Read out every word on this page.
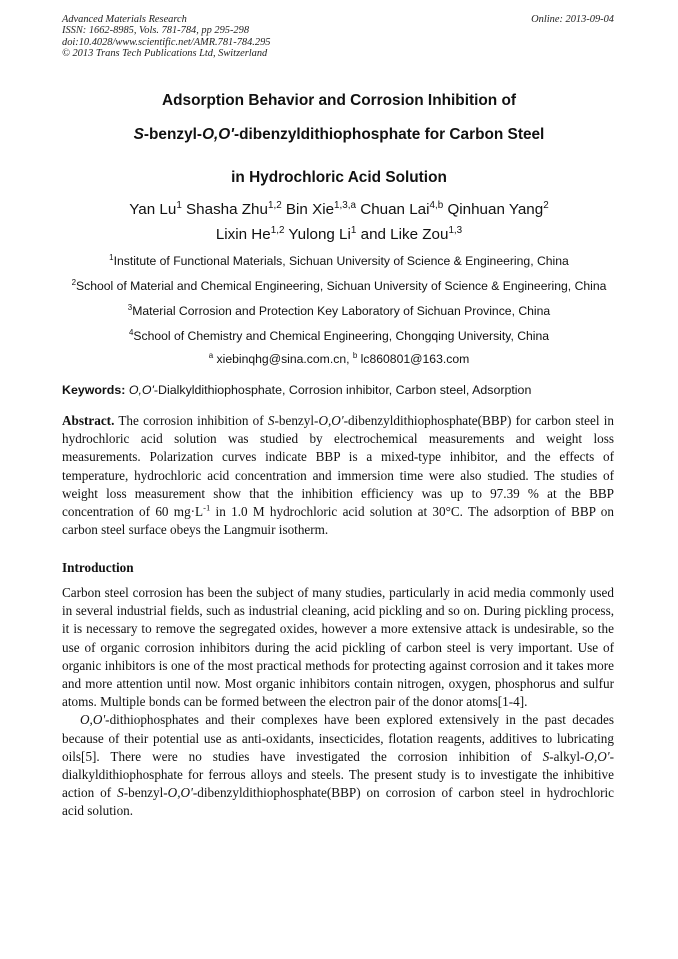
Advanced Materials Research
ISSN: 1662-8985, Vols. 781-784, pp 295-298
doi:10.4028/www.scientific.net/AMR.781-784.295
© 2013 Trans Tech Publications Ltd, Switzerland
Online: 2013-09-04
Adsorption Behavior and Corrosion Inhibition of
S-benzyl-O,O'-dibenzyldithiophosphate for Carbon Steel
in Hydrochloric Acid Solution
Yan Lu$^1$ Shasha Zhu$^{1,2}$ Bin Xie$^{1,3,a}$ Chuan Lai$^{4,b}$ Qinhuan Yang$^2$
Lixin He$^{1,2}$ Yulong Li$^1$ and Like Zou$^{1,3}$
$^1$Institute of Functional Materials, Sichuan University of Science & Engineering, China
$^2$School of Material and Chemical Engineering, Sichuan University of Science & Engineering, China
$^3$Material Corrosion and Protection Key Laboratory of Sichuan Province, China
$^4$School of Chemistry and Chemical Engineering, Chongqing University, China
$^a$ xiebinqhg@sina.com.cn, $^b$ lc860801@163.com
Keywords: O,O'-Dialkyldithiophosphate, Corrosion inhibitor, Carbon steel, Adsorption

Abstract. The corrosion inhibition of S-benzyl-O,O'-dibenzyldithiophosphate(BBP) for carbon steel in hydrochloric acid solution was studied by electrochemical measurements and weight loss measurements. Polarization curves indicate BBP is a mixed-type inhibitor, and the effects of temperature, hydrochloric acid concentration and immersion time were also studied. The studies of weight loss measurement show that the inhibition efficiency was up to 97.39 % at the BBP concentration of 60 $mg\cdot L^{-1}$ in 1.0 M hydrochloric acid solution at 30°C. The adsorption of BBP on carbon steel surface obeys the Langmuir isotherm.

Introduction

Carbon steel corrosion has been the subject of many studies, particularly in acid media commonly used in several industrial fields, such as industrial cleaning, acid pickling and so on. During pickling process, it is necessary to remove the segregated oxides, however a more extensive attack is undesirable, so the use of organic corrosion inhibitors during the acid pickling of carbon steel is very important. Use of organic inhibitors is one of the most practical methods for protecting against corrosion and it takes more and more attention until now. Most organic inhibitors contain nitrogen, oxygen, phosphorus and sulfur atoms. Multiple bonds can be formed between the electron pair of the donor atoms[1-4].

O,O'-dithiophosphates and their complexes have been explored extensively in the past decades because of their potential use as anti-oxidants, insecticides, flotation reagents, additives to lubricating oils[5]. There were no studies have investigated the corrosion inhibition of S-alkyl-O,O'-dialkyldithiophosphate for ferrous alloys and steels. The present study is to investigate the inhibitive action of S-benzyl-O,O'-dibenzyldithiophosphate(BBP) on corrosion of carbon steel in hydrochloric acid solution.
